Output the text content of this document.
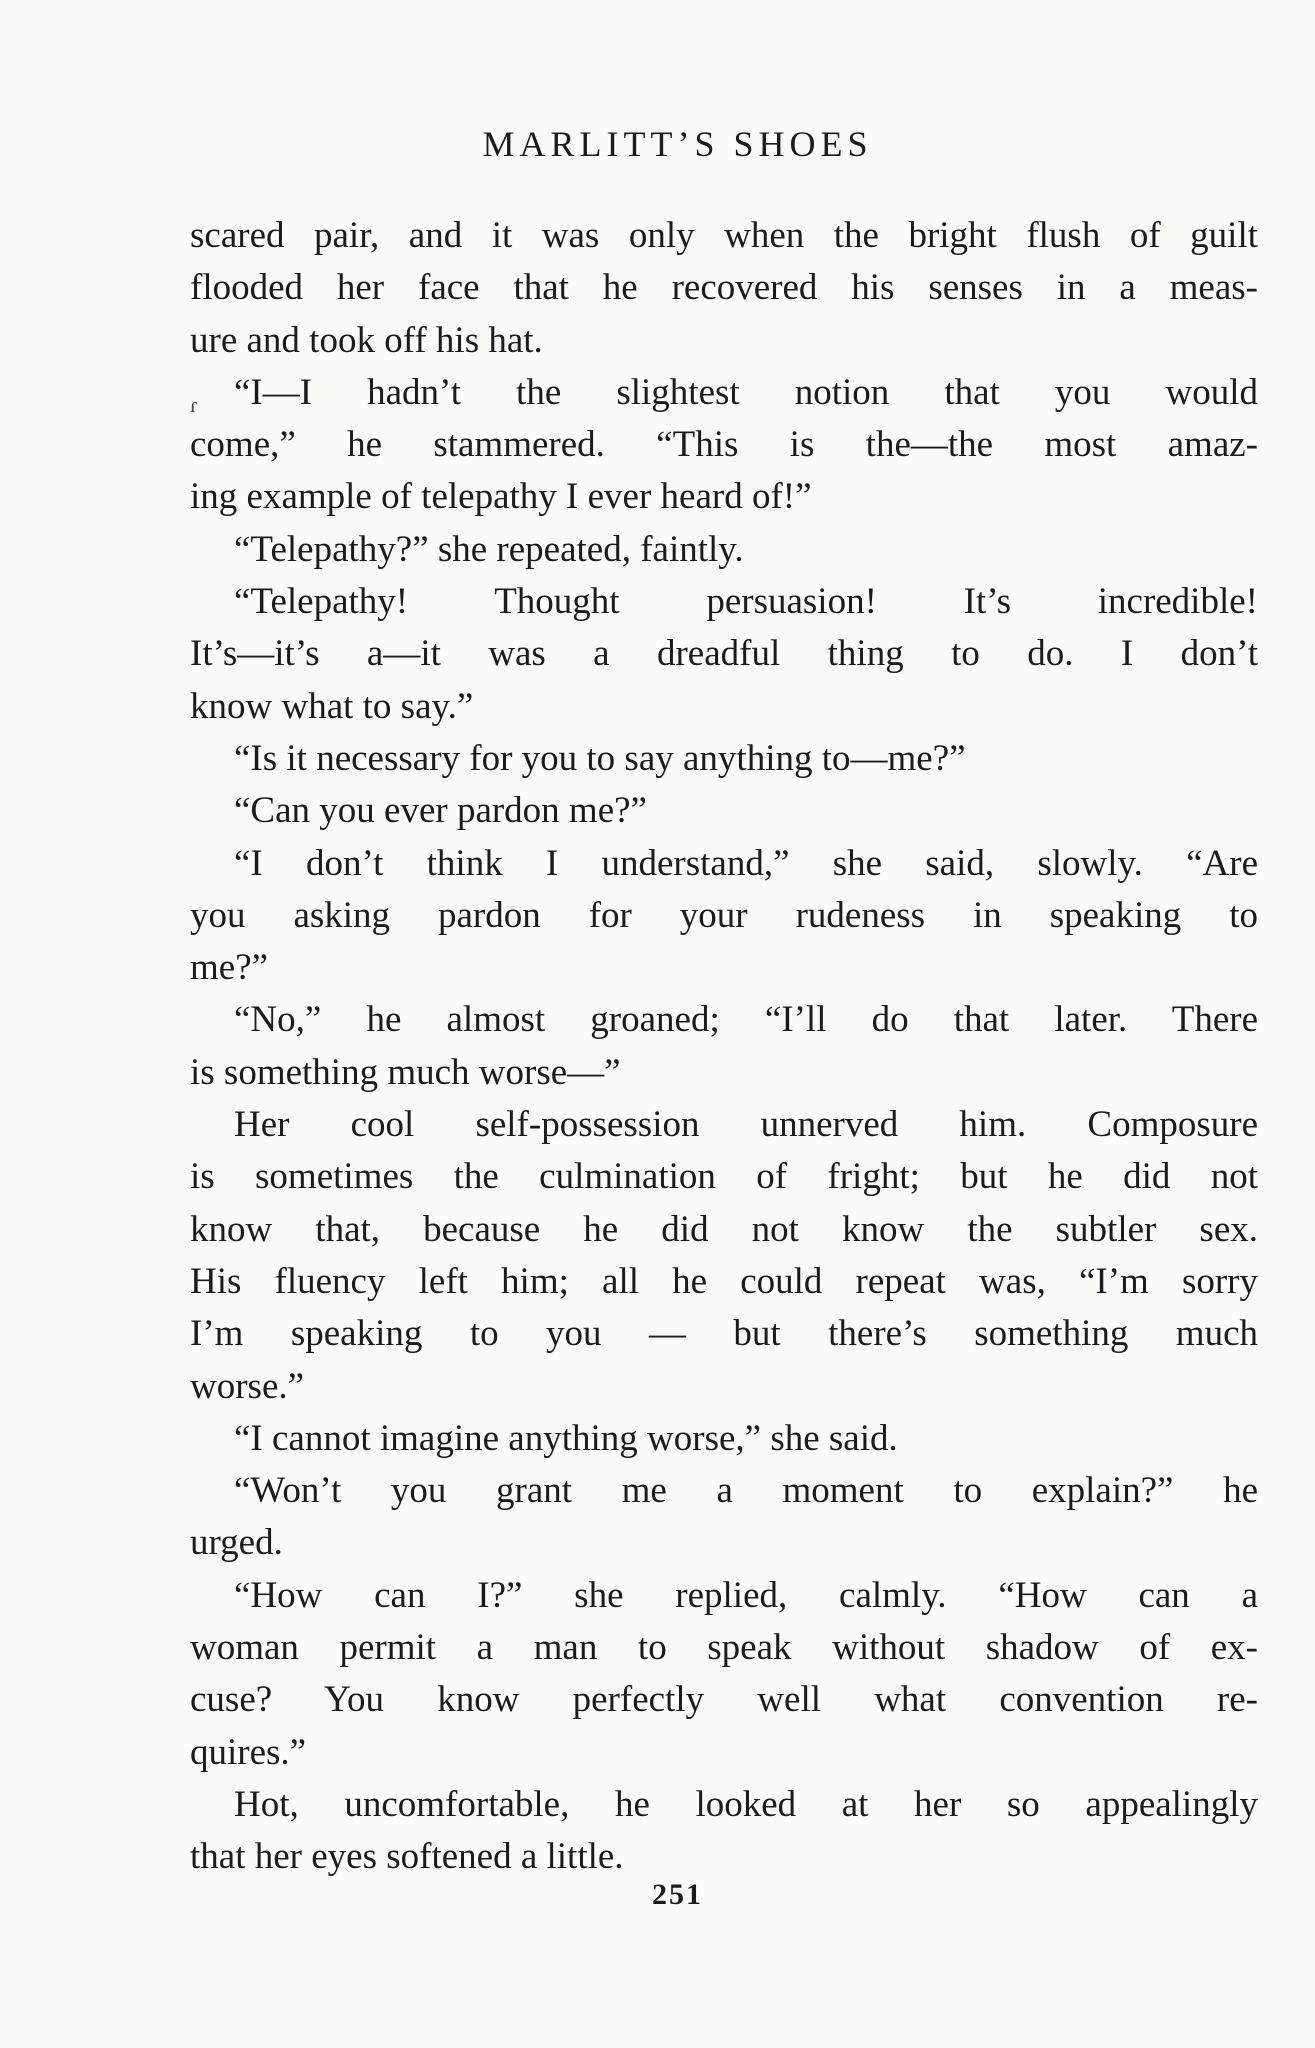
MARLITT’S SHOES
ɾ
scared pair, and it was only when the bright flush of guilt
flooded her face that he recovered his senses in a meas-
ure and took off his hat.
“I—I hadn’t the slightest notion that you would
come,” he stammered. “This is the—the most amaz-
ing example of telepathy I ever heard of!”
“Telepathy?” she repeated, faintly.
“Telepathy! Thought persuasion! It’s incredible!
It’s—it’s a—it was a dreadful thing to do. I don’t
know what to say.”
“Is it necessary for you to say anything to—me?”
“Can you ever pardon me?”
“I don’t think I understand,” she said, slowly. “Are
you asking pardon for your rudeness in speaking to
me?”
“No,” he almost groaned; “I’ll do that later. There
is something much worse—”
Her cool self-possession unnerved him. Composure
is sometimes the culmination of fright; but he did not
know that, because he did not know the subtler sex.
His fluency left him; all he could repeat was, “I’m sorry
I’m speaking to you — but there’s something much
worse.”
“I cannot imagine anything worse,” she said.
“Won’t you grant me a moment to explain?” he
urged.
“How can I?” she replied, calmly. “How can a
woman permit a man to speak without shadow of ex-
cuse? You know perfectly well what convention re-
quires.”
Hot, uncomfortable, he looked at her so appealingly
that her eyes softened a little.
251
